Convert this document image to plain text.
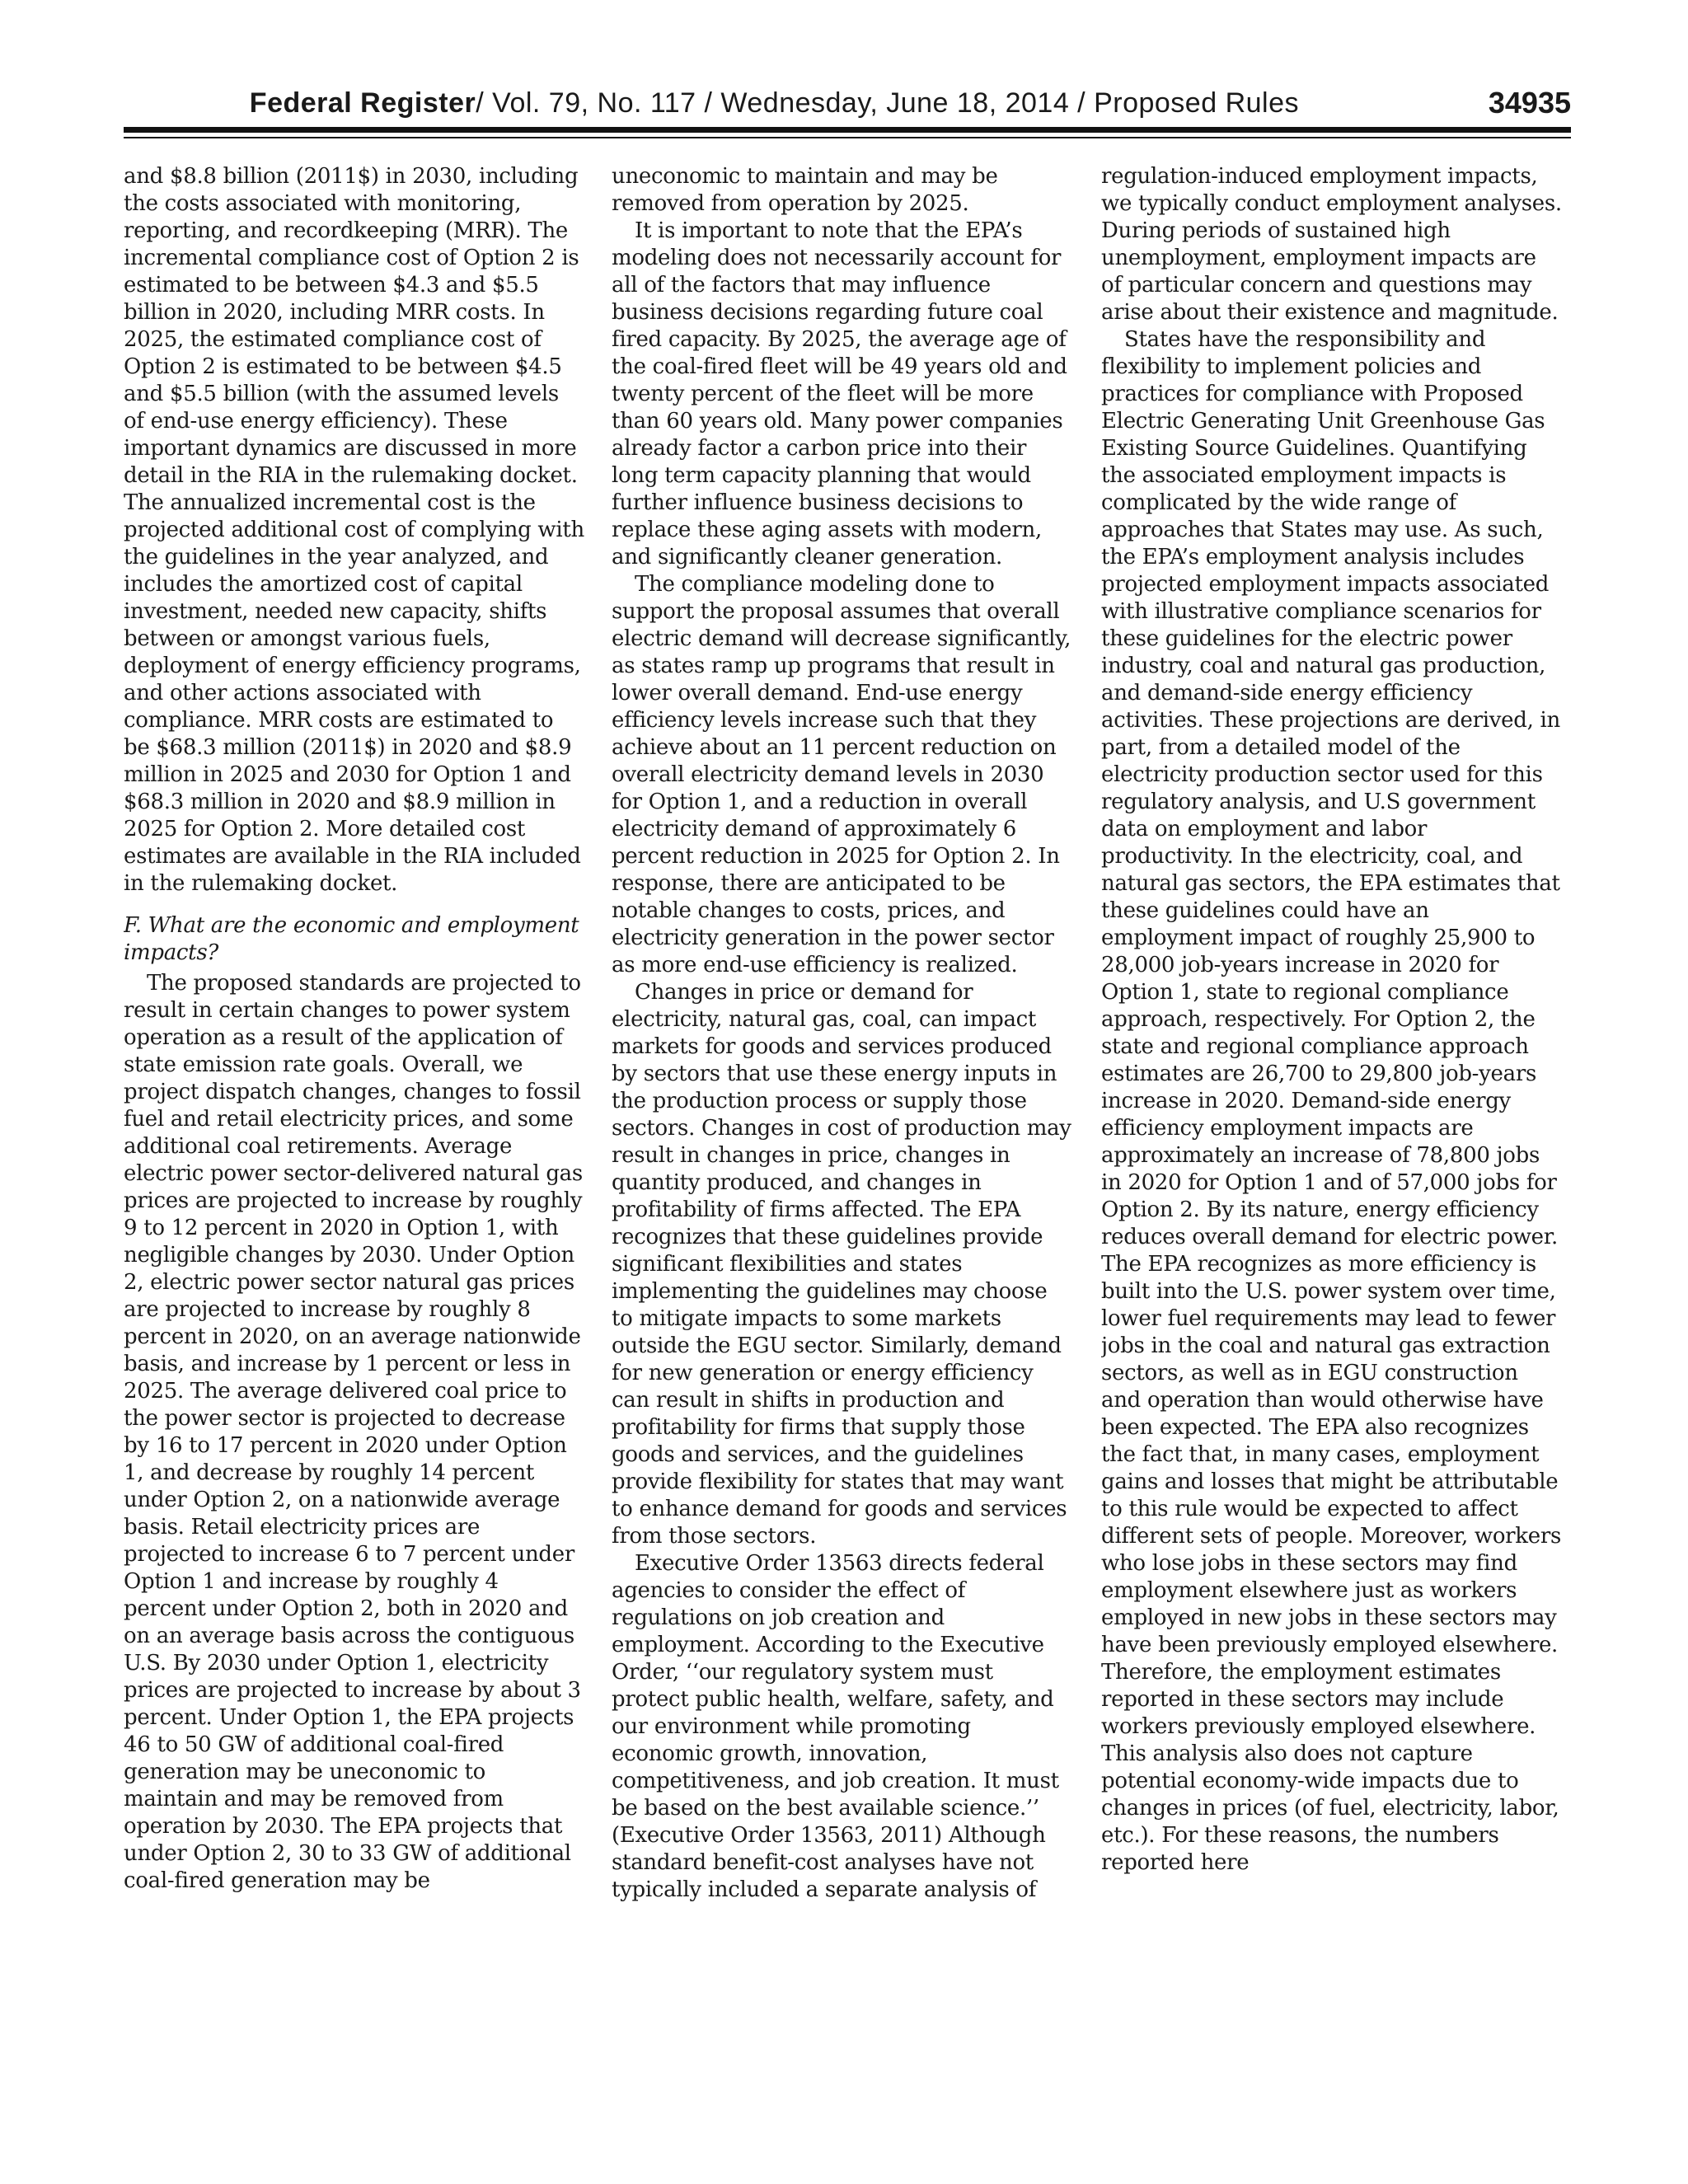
Federal Register/ Vol. 79, No. 117 / Wednesday, June 18, 2014 / Proposed Rules	34935

and $8.8 billion (2011$) in 2030, including the costs associated with monitoring, reporting, and recordkeeping (MRR). The incremental compliance cost of Option 2 is estimated to be between $4.3 and $5.5 billion in 2020, including MRR costs. In 2025, the estimated compliance cost of Option 2 is estimated to be between $4.5 and $5.5 billion (with the assumed levels of end-use energy efficiency). These important dynamics are discussed in more detail in the RIA in the rulemaking docket. The annualized incremental cost is the projected additional cost of complying with the guidelines in the year analyzed, and includes the amortized cost of capital investment, needed new capacity, shifts between or amongst various fuels, deployment of energy efficiency programs, and other actions associated with compliance. MRR costs are estimated to be $68.3 million (2011$) in 2020 and $8.9 million in 2025 and 2030 for Option 1 and $68.3 million in 2020 and $8.9 million in 2025 for Option 2. More detailed cost estimates are available in the RIA included in the rulemaking docket.

F. What are the economic and employment impacts?

The proposed standards are projected to result in certain changes to power system operation as a result of the application of state emission rate goals. Overall, we project dispatch changes, changes to fossil fuel and retail electricity prices, and some additional coal retirements. Average electric power sector-delivered natural gas prices are projected to increase by roughly 9 to 12 percent in 2020 in Option 1, with negligible changes by 2030. Under Option 2, electric power sector natural gas prices are projected to increase by roughly 8 percent in 2020, on an average nationwide basis, and increase by 1 percent or less in 2025. The average delivered coal price to the power sector is projected to decrease by 16 to 17 percent in 2020 under Option 1, and decrease by roughly 14 percent under Option 2, on a nationwide average basis. Retail electricity prices are projected to increase 6 to 7 percent under Option 1 and increase by roughly 4 percent under Option 2, both in 2020 and on an average basis across the contiguous U.S. By 2030 under Option 1, electricity prices are projected to increase by about 3 percent. Under Option 1, the EPA projects 46 to 50 GW of additional coal-fired generation may be uneconomic to maintain and may be removed from operation by 2030. The EPA projects that under Option 2, 30 to 33 GW of additional coal-fired generation may be

uneconomic to maintain and may be removed from operation by 2025.

It is important to note that the EPA’s modeling does not necessarily account for all of the factors that may influence business decisions regarding future coal fired capacity. By 2025, the average age of the coal-fired fleet will be 49 years old and twenty percent of the fleet will be more than 60 years old. Many power companies already factor a carbon price into their long term capacity planning that would further influence business decisions to replace these aging assets with modern, and significantly cleaner generation.

The compliance modeling done to support the proposal assumes that overall electric demand will decrease significantly, as states ramp up programs that result in lower overall demand. End-use energy efficiency levels increase such that they achieve about an 11 percent reduction on overall electricity demand levels in 2030 for Option 1, and a reduction in overall electricity demand of approximately 6 percent reduction in 2025 for Option 2. In response, there are anticipated to be notable changes to costs, prices, and electricity generation in the power sector as more end-use efficiency is realized.

Changes in price or demand for electricity, natural gas, coal, can impact markets for goods and services produced by sectors that use these energy inputs in the production process or supply those sectors. Changes in cost of production may result in changes in price, changes in quantity produced, and changes in profitability of firms affected. The EPA recognizes that these guidelines provide significant flexibilities and states implementing the guidelines may choose to mitigate impacts to some markets outside the EGU sector. Similarly, demand for new generation or energy efficiency can result in shifts in production and profitability for firms that supply those goods and services, and the guidelines provide flexibility for states that may want to enhance demand for goods and services from those sectors.

Executive Order 13563 directs federal agencies to consider the effect of regulations on job creation and employment. According to the Executive Order, ‘‘our regulatory system must protect public health, welfare, safety, and our environment while promoting economic growth, innovation, competitiveness, and job creation. It must be based on the best available science.’’ (Executive Order 13563, 2011) Although standard benefit-cost analyses have not typically included a separate analysis of

regulation-induced employment impacts, we typically conduct employment analyses. During periods of sustained high unemployment, employment impacts are of particular concern and questions may arise about their existence and magnitude.

States have the responsibility and flexibility to implement policies and practices for compliance with Proposed Electric Generating Unit Greenhouse Gas Existing Source Guidelines. Quantifying the associated employment impacts is complicated by the wide range of approaches that States may use. As such, the EPA’s employment analysis includes projected employment impacts associated with illustrative compliance scenarios for these guidelines for the electric power industry, coal and natural gas production, and demand-side energy efficiency activities. These projections are derived, in part, from a detailed model of the electricity production sector used for this regulatory analysis, and U.S government data on employment and labor productivity. In the electricity, coal, and natural gas sectors, the EPA estimates that these guidelines could have an employment impact of roughly 25,900 to 28,000 job-years increase in 2020 for Option 1, state to regional compliance approach, respectively. For Option 2, the state and regional compliance approach estimates are 26,700 to 29,800 job-years increase in 2020. Demand-side energy efficiency employment impacts are approximately an increase of 78,800 jobs in 2020 for Option 1 and of 57,000 jobs for Option 2. By its nature, energy efficiency reduces overall demand for electric power. The EPA recognizes as more efficiency is built into the U.S. power system over time, lower fuel requirements may lead to fewer jobs in the coal and natural gas extraction sectors, as well as in EGU construction and operation than would otherwise have been expected. The EPA also recognizes the fact that, in many cases, employment gains and losses that might be attributable to this rule would be expected to affect different sets of people. Moreover, workers who lose jobs in these sectors may find employment elsewhere just as workers employed in new jobs in these sectors may have been previously employed elsewhere. Therefore, the employment estimates reported in these sectors may include workers previously employed elsewhere. This analysis also does not capture potential economy-wide impacts due to changes in prices (of fuel, electricity, labor, etc.). For these reasons, the numbers reported here
